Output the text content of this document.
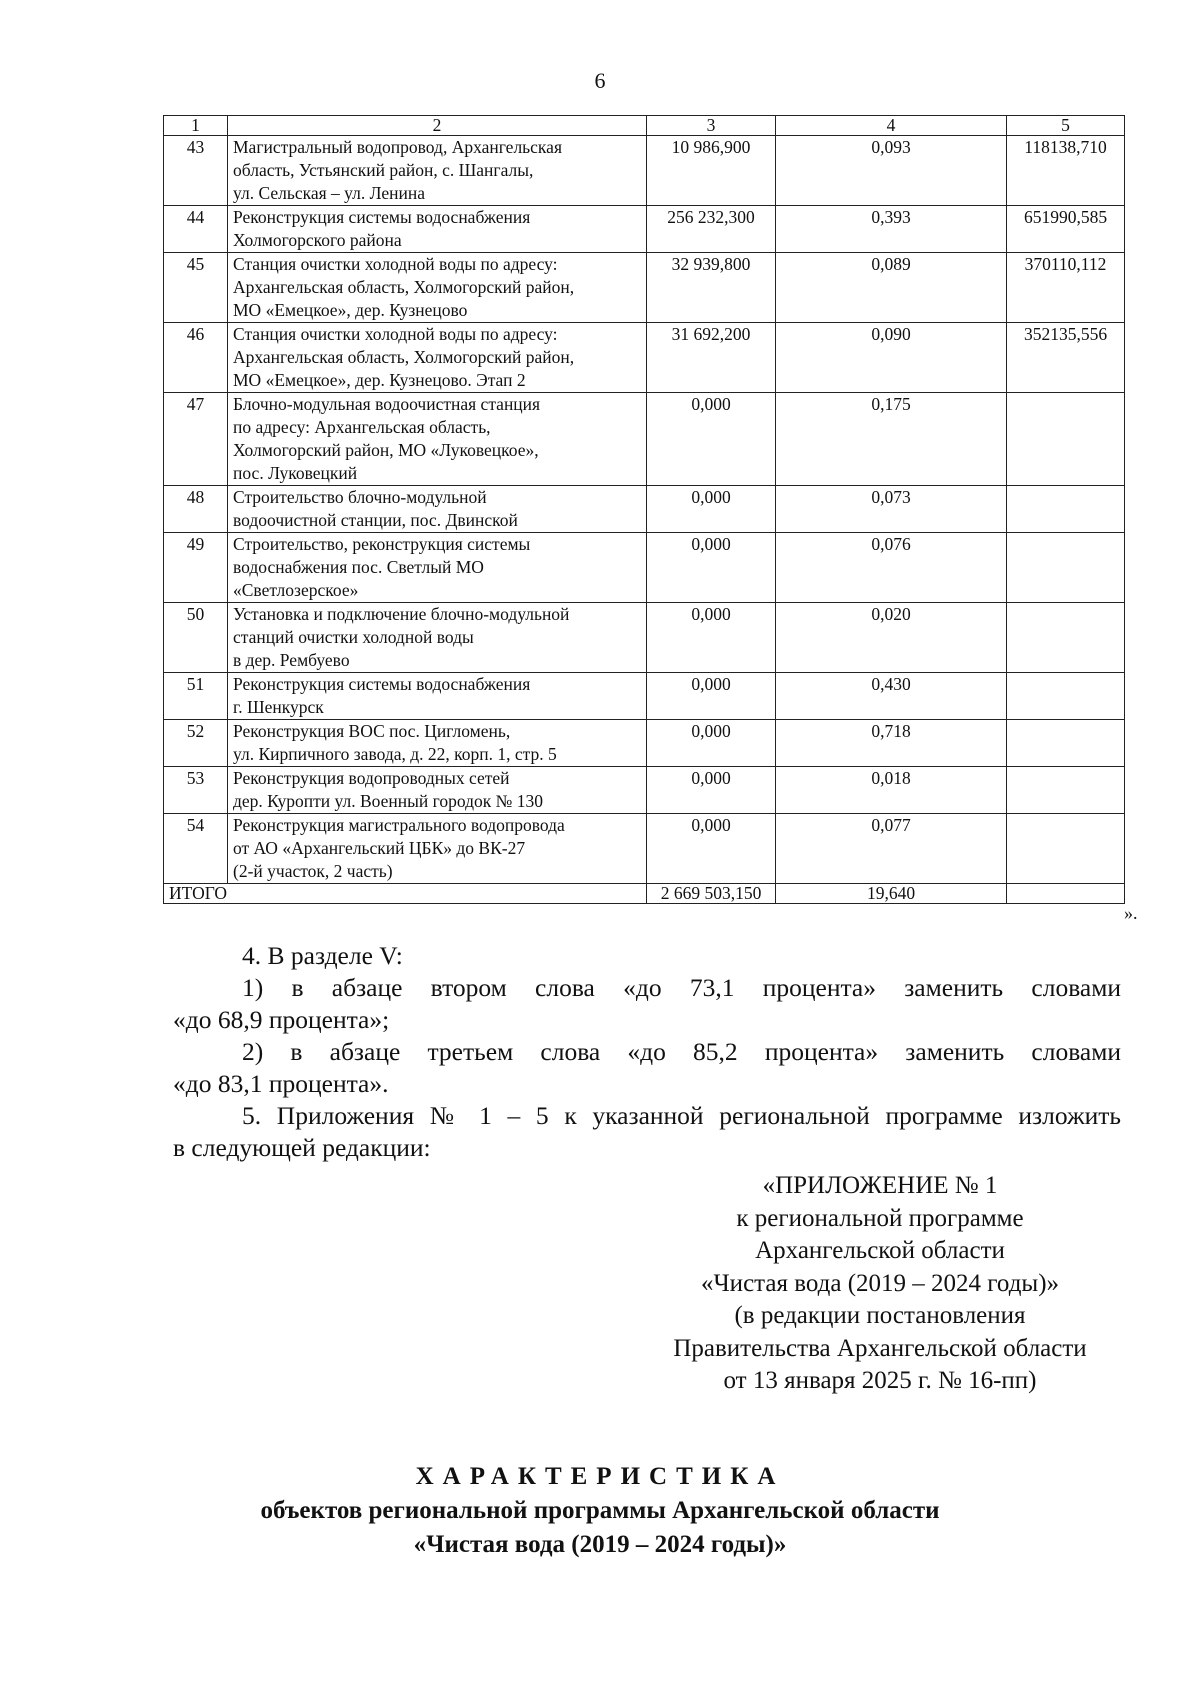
6
1	2	3	4	5
43	Магистральный водопровод, Архангельская
область, Устьянский район, с. Шангалы,
ул. Сельская – ул. Ленина	10 986,900	0,093	118138,710
44	Реконструкция системы водоснабжения
Холмогорского района	256 232,300	0,393	651990,585
45	Станция очистки холодной воды по адресу:
Архангельская область, Холмогорский район,
МО «Емецкое», дер. Кузнецово	32 939,800	0,089	370110,112
46	Станция очистки холодной воды по адресу:
Архангельская область, Холмогорский район,
МО «Емецкое», дер. Кузнецово. Этап 2	31 692,200	0,090	352135,556
47	Блочно-модульная водоочистная станция
по адресу: Архангельская область,
Холмогорский район, МО «Луковецкое»,
пос. Луковецкий	0,000	0,175	
48	Строительство блочно-модульной
водоочистной станции, пос. Двинской	0,000	0,073	
49	Строительство, реконструкция системы
водоснабжения пос. Светлый МО
«Светлозерское»	0,000	0,076	
50	Установка и подключение блочно-модульной
станций очистки холодной воды
в дер. Рембуево	0,000	0,020	
51	Реконструкция системы водоснабжения
г. Шенкурск	0,000	0,430	
52	Реконструкция ВОС пос. Цигломень,
ул. Кирпичного завода, д. 22, корп. 1, стр. 5	0,000	0,718	
53	Реконструкция водопроводных сетей
дер. Куропти ул. Военный городок № 130	0,000	0,018	
54	Реконструкция магистрального водопровода
от АО «Архангельский ЦБК» до ВК-27
(2-й участок, 2 часть)	0,000	0,077	
ИТОГО		2 669 503,150	19,640	
».
4. В разделе V:
1) в абзаце втором слова «до 73,1 процента» заменить словами
«до 68,9 процента»;
2) в абзаце третьем слова «до 85,2 процента» заменить словами
«до 83,1 процента».
5. Приложения № 1 – 5 к указанной региональной программе изложить
в следующей редакции:
«ПРИЛОЖЕНИЕ № 1
к региональной программе
Архангельской области
«Чистая вода (2019 – 2024 годы)»
(в редакции постановления
Правительства Архангельской области
от 13 января 2025 г. № 16-пп)
ХАРАКТЕРИСТИКА
объектов региональной программы Архангельской области
«Чистая вода (2019 – 2024 годы)»
